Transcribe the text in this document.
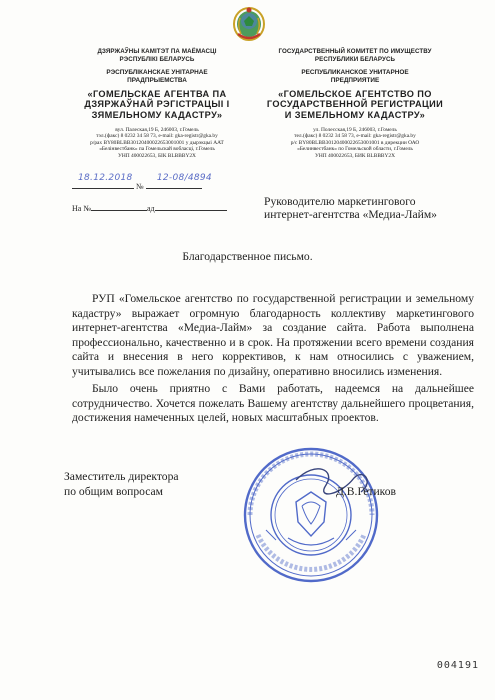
ДЗЯРЖАЎНЫ КАМІТЭТ ПА МАЁМАСЦІ
РЭСПУБЛІКІ БЕЛАРУСЬ
РЭСПУБЛІКАНСКАЕ УНІТАРНАЕ
ПРАДПРЫЕМСТВА
«ГОМЕЛЬСКАЕ АГЕНТВА ПА
ДЗЯРЖАЎНАЙ РЭГІСТРАЦЫІ І
ЗЯМЕЛЬНОМУ КАДАСТРУ»
вул. Палеская,19 Б, 246003, г.Гомель
тэл.(факс) 8 0232 34 58 73, e-mail: gka-registr@gka.by
р/рах BY80BLBB30120400022653001001 у дырэкцыі ААТ
«Белінвестбанк» па Гомельскай вобласці, г.Гомель
УНП 400022653, БІК BLBBBY2X
ГОСУДАРСТВЕННЫЙ КОМИТЕТ ПО ИМУЩЕСТВУ
РЕСПУБЛИКИ БЕЛАРУСЬ
РЕСПУБЛИКАНСКОЕ УНИТАРНОЕ
ПРЕДПРИЯТИЕ
«ГОМЕЛЬСКОЕ АГЕНТСТВО ПО
ГОСУДАРСТВЕННОЙ РЕГИСТРАЦИИ
И ЗЕМЕЛЬНОМУ КАДАСТРУ»
ул. Полесская,19 Б, 246003, г.Гомель
тел.(факс) 8 0232 34 58 73, e-mail: gka-registr@gka.by
р/с BY80BLBB30120400022653001001 в дирекции ОАО
«Белинвестбанк» по Гомельской области, г.Гомель
УНП 400022653, БИК BLBBBY2X
№
18.12.2018	12-08/4894
На №	ад
Руководителю маркетингового
интернет-агентства «Медиа-Лайм»
Благодарственное письмо.

РУП «Гомельское агентство по государственной регистрации и земельному кадастру» выражает огромную благодарность коллективу маркетингового интернет-агентства «Медиа-Лайм» за создание сайта. Работа выполнена профессионально, качественно и в срок. На протяжении всего времени создания сайта и внесения в него коррективов, к нам относились с уважением, учитывались все пожелания по дизайну, оперативно вносились изменения.

Было очень приятно с Вами работать, надеемся на дальнейшее сотрудничество. Хочется пожелать Вашему агентству дальнейшего процветания, достижения намеченных целей, новых масштабных проектов.

Заместитель директора
по общим вопросам	Д.В.Гетиков
004191
